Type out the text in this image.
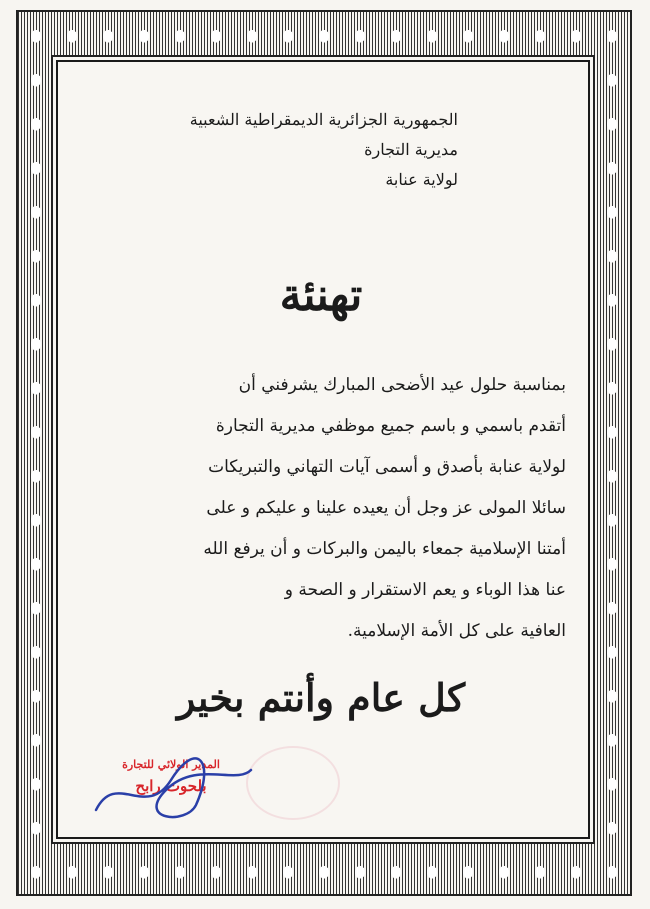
الجمهورية الجزائرية الديمقراطية الشعبية
مديرية التجارة
لولاية عنابة
تهنئة

بمناسبة حلول عيد الأضحى المبارك يشرفني أن

أتقدم باسمي و باسم جميع موظفي مديرية التجارة

لولاية عنابة بأصدق و أسمى آيات التهاني والتبريكات

سائلا المولى عز وجل أن يعيده علينا و عليكم و على

أمتنا الإسلامية جمعاء باليمن والبركات و أن يرفع الله

عنا هذا الوباء و يعم الاستقرار و الصحة و

العافية على كل الأمة الإسلامية.

كل عام وأنتم بخير
المدير الولائي للتجارة
بلحوت رابح
